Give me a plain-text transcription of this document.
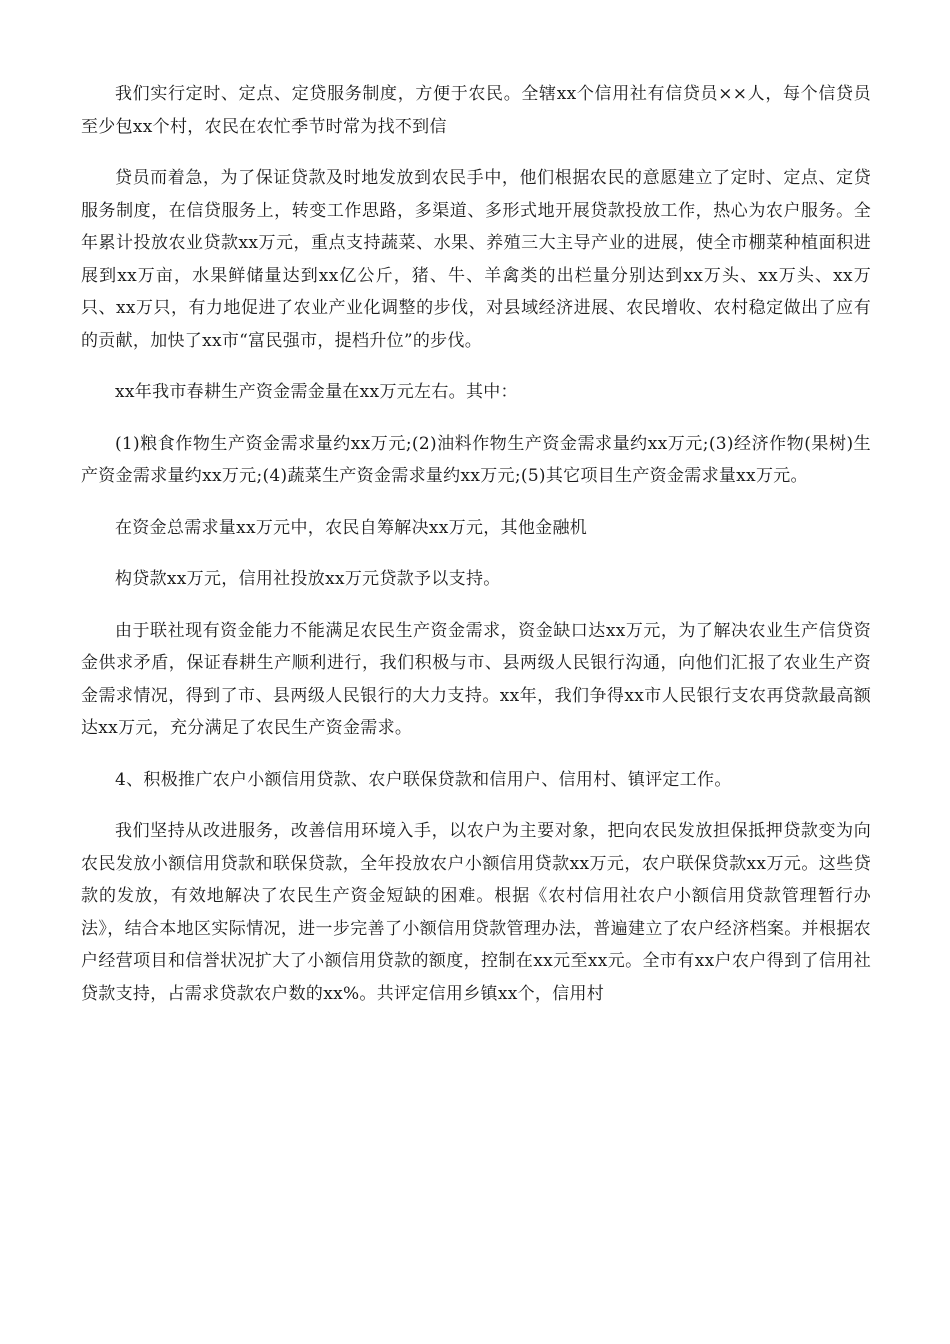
我们实行定时、定点、定贷服务制度，方便于农民。全辖xx个信用社有信贷员××人，每个信贷员至少包xx个村，农民在农忙季节时常为找不到信

贷员而着急，为了保证贷款及时地发放到农民手中，他们根据农民的意愿建立了定时、定点、定贷服务制度，在信贷服务上，转变工作思路，多渠道、多形式地开展贷款投放工作，热心为农户服务。全年累计投放农业贷款xx万元，重点支持蔬菜、水果、养殖三大主导产业的进展，使全市棚菜种植面积进展到xx万亩，水果鲜储量达到xx亿公斤，猪、牛、羊禽类的出栏量分别达到xx万头、xx万头、xx万只、xx万只，有力地促进了农业产业化调整的步伐，对县域经济进展、农民增收、农村稳定做出了应有的贡献，加快了xx市“富民强市，提档升位”的步伐。

xx年我市春耕生产资金需金量在xx万元左右。其中：

(1)粮食作物生产资金需求量约xx万元;(2)油料作物生产资金需求量约xx万元;(3)经济作物(果树)生产资金需求量约xx万元;(4)蔬菜生产资金需求量约xx万元;(5)其它项目生产资金需求量xx万元。

在资金总需求量xx万元中，农民自筹解决xx万元，其他金融机

构贷款xx万元，信用社投放xx万元贷款予以支持。

由于联社现有资金能力不能满足农民生产资金需求，资金缺口达xx万元，为了解决农业生产信贷资金供求矛盾，保证春耕生产顺利进行，我们积极与市、县两级人民银行沟通，向他们汇报了农业生产资金需求情况，得到了市、县两级人民银行的大力支持。xx年，我们争得xx市人民银行支农再贷款最高额达xx万元，充分满足了农民生产资金需求。

4、积极推广农户小额信用贷款、农户联保贷款和信用户、信用村、镇评定工作。

我们坚持从改进服务，改善信用环境入手，以农户为主要对象，把向农民发放担保抵押贷款变为向农民发放小额信用贷款和联保贷款，全年投放农户小额信用贷款xx万元，农户联保贷款xx万元。这些贷款的发放，有效地解决了农民生产资金短缺的困难。根据《农村信用社农户小额信用贷款管理暂行办法》，结合本地区实际情况，进一步完善了小额信用贷款管理办法，普遍建立了农户经济档案。并根据农户经营项目和信誉状况扩大了小额信用贷款的额度，控制在xx元至xx元。全市有xx户农户得到了信用社贷款支持，占需求贷款农户数的xx%。共评定信用乡镇xx个，信用村
